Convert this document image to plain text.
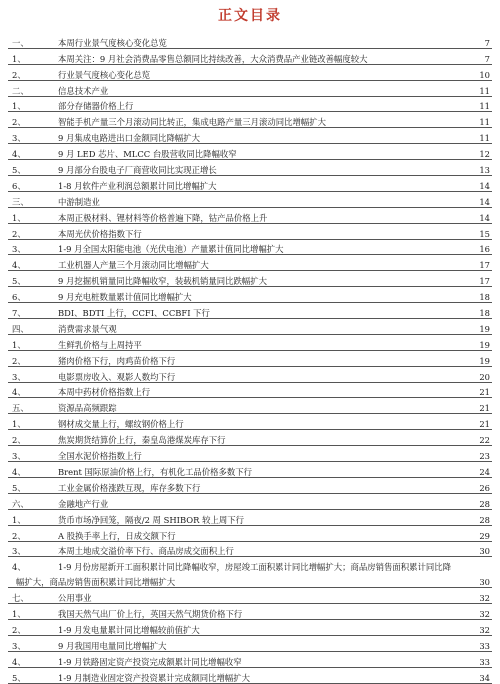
正文目录
一、	本周行业景气度核心变化总览	7
1、	本周关注：9 月社会消费品零售总额同比持续改善，大众消费品产业链改善幅度较大	7
2、	行业景气度核心变化总览	10
二、	信息技术产业	11
1、	部分存储器价格上行	11
2、	智能手机产量三个月滚动同比转正，集成电路产量三月滚动同比增幅扩大	11
3、	9 月集成电路进出口金额同比降幅扩大	11
4、	9 月 LED 芯片、MLCC 台股营收同比降幅收窄	12
5、	9 月部分台股电子厂商营收同比实现正增长	13
6、	1-8 月软件产业利润总额累计同比增幅扩大	14
三、	中游制造业	14
1、	本周正极材料、锂材料等价格普遍下降，钴产品价格上升	14
2、	本周光伏价格指数下行	15
3、	1-9 月全国太阳能电池（光伏电池）产量累计值同比增幅扩大	16
4、	工业机器人产量三个月滚动同比增幅扩大	17
5、	9 月挖掘机销量同比降幅收窄，装载机销量同比跌幅扩大	17
6、	9 月充电桩数量累计值同比增幅扩大	18
7、	BDI、BDTI 上行，CCFI、CCBFI 下行	18
四、	消费需求景气观	19
1、	生鲜乳价格与上周持平	19
2、	猪肉价格下行，肉鸡苗价格下行	19
3、	电影票房收入、观影人数均下行	20
4、	本周中药材价格指数上行	21
五、	资源品高频跟踪	21
1、	钢材成交量上行，螺纹钢价格上行	21
2、	焦炭期货结算价上行，秦皇岛港煤炭库存下行	22
3、	全国水泥价格指数上行	23
4、	Brent 国际原油价格上行，有机化工品价格多数下行	24
5、	工业金属价格涨跌互现，库存多数下行	26
六、	金融地产行业	28
1、	货币市场净回笼，隔夜/2 周 SHIBOR 较上周下行	28
2、	A 股换手率上行，日成交额下行	29
3、	本周土地成交溢价率下行、商品房成交面积上行	30
4、	1-9 月份房屋新开工面积累计同比降幅收窄，房屋竣工面积累计同比增幅扩大；商品房销售面积累计同比降
幅扩大，商品房销售面积累计同比增幅扩大	30
七、	公用事业	32
1、	我国天然气出厂价上行，英国天然气期货价格下行	32
2、	1-9 月发电量累计同比增幅较前值扩大	32
3、	9 月我国用电量同比增幅扩大	33
4、	1-9 月铁路固定资产投资完成额累计同比增幅收窄	33
5、	1-9 月制造业固定资产投资累计完成额同比增幅扩大	34
